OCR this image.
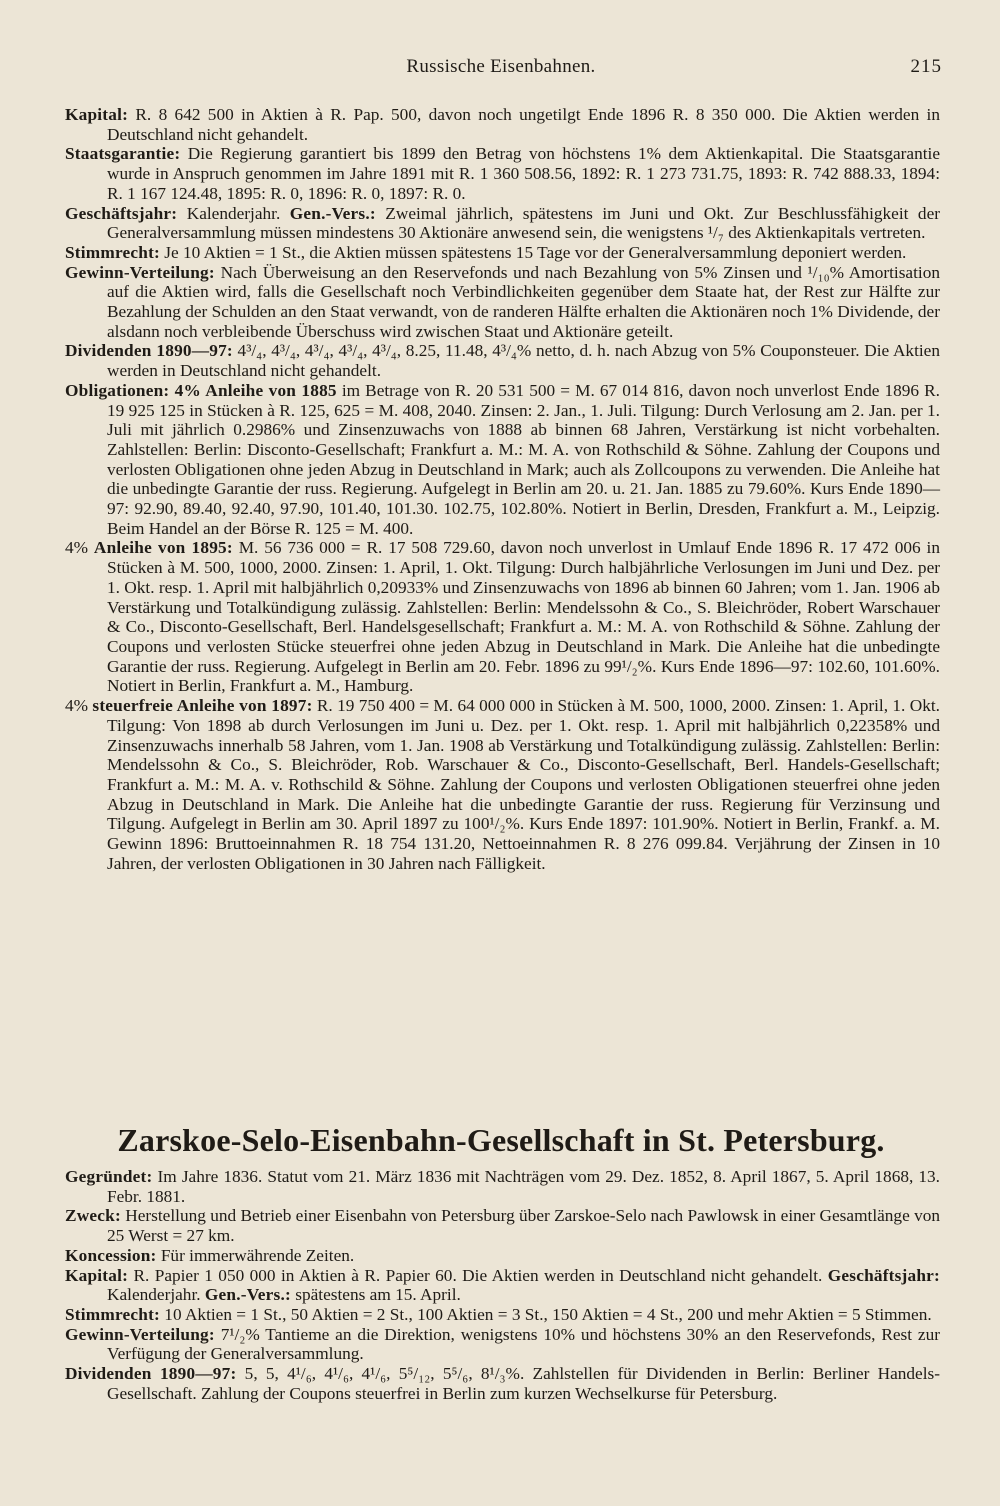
Russische Eisenbahnen.	215

Kapital: R. 8 642 500 in Aktien à R. Pap. 500, davon noch ungetilgt Ende 1896 R. 8 350 000. Die Aktien werden in Deutschland nicht gehandelt.

Staatsgarantie: Die Regierung garantiert bis 1899 den Betrag von höchstens 1% dem Aktienkapital. Die Staatsgarantie wurde in Anspruch genommen im Jahre 1891 mit R. 1 360 508.56, 1892: R. 1 273 731.75, 1893: R. 742 888.33, 1894: R. 1 167 124.48, 1895: R. 0, 1896: R. 0, 1897: R. 0.

Geschäftsjahr: Kalenderjahr. Gen.-Vers.: Zweimal jährlich, spätestens im Juni und Okt. Zur Beschlussfähigkeit der Generalversammlung müssen mindestens 30 Aktionäre anwesend sein, die wenigstens ¹/₇ des Aktienkapitals vertreten.

Stimmrecht: Je 10 Aktien = 1 St., die Aktien müssen spätestens 15 Tage vor der Generalversammlung deponiert werden.

Gewinn-Verteilung: Nach Überweisung an den Reservefonds und nach Bezahlung von 5% Zinsen und ¹/₁₀% Amortisation auf die Aktien wird, falls die Gesellschaft noch Verbindlichkeiten gegenüber dem Staate hat, der Rest zur Hälfte zur Bezahlung der Schulden an den Staat verwandt, von de randeren Hälfte erhalten die Aktionären noch 1% Dividende, der alsdann noch verbleibende Überschuss wird zwischen Staat und Aktionäre geteilt.

Dividenden 1890—97: 4³/₄, 4³/₄, 4³/₄, 4³/₄, 4³/₄, 8.25, 11.48, 4³/₄% netto, d. h. nach Abzug von 5% Couponsteuer. Die Aktien werden in Deutschland nicht gehandelt.

Obligationen: 4% Anleihe von 1885 im Betrage von R. 20 531 500 = M. 67 014 816, davon noch unverlost Ende 1896 R. 19 925 125 in Stücken à R. 125, 625 = M. 408, 2040. Zinsen: 2. Jan., 1. Juli. Tilgung: Durch Verlosung am 2. Jan. per 1. Juli mit jährlich 0.2986% und Zinsenzuwachs von 1888 ab binnen 68 Jahren, Verstärkung ist nicht vorbehalten. Zahlstellen: Berlin: Disconto-Gesellschaft; Frankfurt a. M.: M. A. von Rothschild & Söhne. Zahlung der Coupons und verlosten Obligationen ohne jeden Abzug in Deutschland in Mark; auch als Zollcoupons zu verwenden. Die Anleihe hat die unbedingte Garantie der russ. Regierung. Aufgelegt in Berlin am 20. u. 21. Jan. 1885 zu 79.60%. Kurs Ende 1890—97: 92.90, 89.40, 92.40, 97.90, 101.40, 101.30. 102.75, 102.80%. Notiert in Berlin, Dresden, Frankfurt a. M., Leipzig. Beim Handel an der Börse R. 125 = M. 400.

4% Anleihe von 1895: M. 56 736 000 = R. 17 508 729.60, davon noch unverlost in Umlauf Ende 1896 R. 17 472 006 in Stücken à M. 500, 1000, 2000. Zinsen: 1. April, 1. Okt. Tilgung: Durch halbjährliche Verlosungen im Juni und Dez. per 1. Okt. resp. 1. April mit halbjährlich 0,20933% und Zinsenzuwachs von 1896 ab binnen 60 Jahren; vom 1. Jan. 1906 ab Verstärkung und Totalkündigung zulässig. Zahlstellen: Berlin: Mendelssohn & Co., S. Bleichröder, Robert Warschauer & Co., Disconto-Gesellschaft, Berl. Handelsgesellschaft; Frankfurt a. M.: M. A. von Rothschild & Söhne. Zahlung der Coupons und verlosten Stücke steuerfrei ohne jeden Abzug in Deutschland in Mark. Die Anleihe hat die unbedingte Garantie der russ. Regierung. Aufgelegt in Berlin am 20. Febr. 1896 zu 99¹/₂%. Kurs Ende 1896—97: 102.60, 101.60%. Notiert in Berlin, Frankfurt a. M., Hamburg.

4% steuerfreie Anleihe von 1897: R. 19 750 400 = M. 64 000 000 in Stücken à M. 500, 1000, 2000. Zinsen: 1. April, 1. Okt. Tilgung: Von 1898 ab durch Verlosungen im Juni u. Dez. per 1. Okt. resp. 1. April mit halbjährlich 0,22358% und Zinsenzuwachs innerhalb 58 Jahren, vom 1. Jan. 1908 ab Verstärkung und Totalkündigung zulässig. Zahlstellen: Berlin: Mendelssohn & Co., S. Bleichröder, Rob. Warschauer & Co., Disconto-Gesellschaft, Berl. Handels-Gesellschaft; Frankfurt a. M.: M. A. v. Rothschild & Söhne. Zahlung der Coupons und verlosten Obligationen steuerfrei ohne jeden Abzug in Deutschland in Mark. Die Anleihe hat die unbedingte Garantie der russ. Regierung für Verzinsung und Tilgung. Aufgelegt in Berlin am 30. April 1897 zu 100¹/₂%. Kurs Ende 1897: 101.90%. Notiert in Berlin, Frankf. a. M. Gewinn 1896: Bruttoeinnahmen R. 18 754 131.20, Nettoeinnahmen R. 8 276 099.84. Verjährung der Zinsen in 10 Jahren, der verlosten Obligationen in 30 Jahren nach Fälligkeit.

Zarskoe-Selo-Eisenbahn-Gesellschaft in St. Petersburg.

Gegründet: Im Jahre 1836. Statut vom 21. März 1836 mit Nachträgen vom 29. Dez. 1852, 8. April 1867, 5. April 1868, 13. Febr. 1881.

Zweck: Herstellung und Betrieb einer Eisenbahn von Petersburg über Zarskoe-Selo nach Pawlowsk in einer Gesamtlänge von 25 Werst = 27 km.

Koncession: Für immerwährende Zeiten.

Kapital: R. Papier 1 050 000 in Aktien à R. Papier 60. Die Aktien werden in Deutschland nicht gehandelt. Geschäftsjahr: Kalenderjahr. Gen.-Vers.: spätestens am 15. April.

Stimmrecht: 10 Aktien = 1 St., 50 Aktien = 2 St., 100 Aktien = 3 St., 150 Aktien = 4 St., 200 und mehr Aktien = 5 Stimmen.

Gewinn-Verteilung: 7¹/₂% Tantieme an die Direktion, wenigstens 10% und höchstens 30% an den Reservefonds, Rest zur Verfügung der Generalversammlung.

Dividenden 1890—97: 5, 5, 4¹/₆, 4¹/₆, 4¹/₆, 5⁵/₁₂, 5⁵/₆, 8¹/₃%. Zahlstellen für Dividenden in Berlin: Berliner Handels-Gesellschaft. Zahlung der Coupons steuerfrei in Berlin zum kurzen Wechselkurse für Petersburg.
